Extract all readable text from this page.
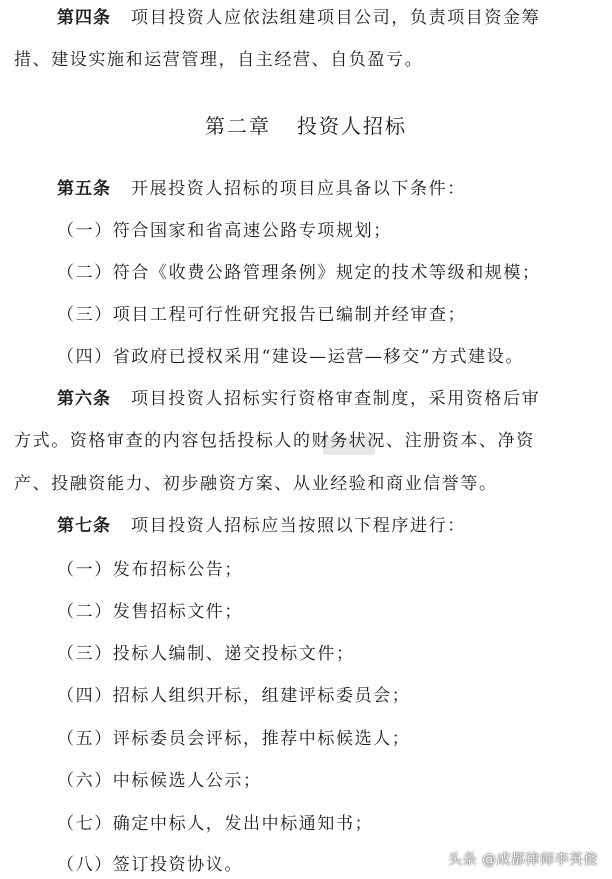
第四条 项目投资人应依法组建项目公司，负责项目资金筹
措、建设实施和运营管理，自主经营、自负盈亏。
第二章 投资人招标
第五条 开展投资人招标的项目应具备以下条件：
（一）符合国家和省高速公路专项规划；
（二）符合《收费公路管理条例》规定的技术等级和规模；
（三）项目工程可行性研究报告已编制并经审查；
（四）省政府已授权采用“建设—运营—移交”方式建设。
第六条 项目投资人招标实行资格审查制度，采用资格后审
方式。资格审查的内容包括投标人的财务状况、注册资本、净资
产、投融资能力、初步融资方案、从业经验和商业信誉等。
第七条 项目投资人招标应当按照以下程序进行：
（一）发布招标公告；
（二）发售招标文件；
（三）投标人编制、递交投标文件；
（四）招标人组织开标，组建评标委员会；
（五）评标委员会评标，推荐中标候选人；
（六）中标候选人公示；
（七）确定中标人，发出中标通知书；
（八）签订投资协议。	头条 @成都律师李英俊
